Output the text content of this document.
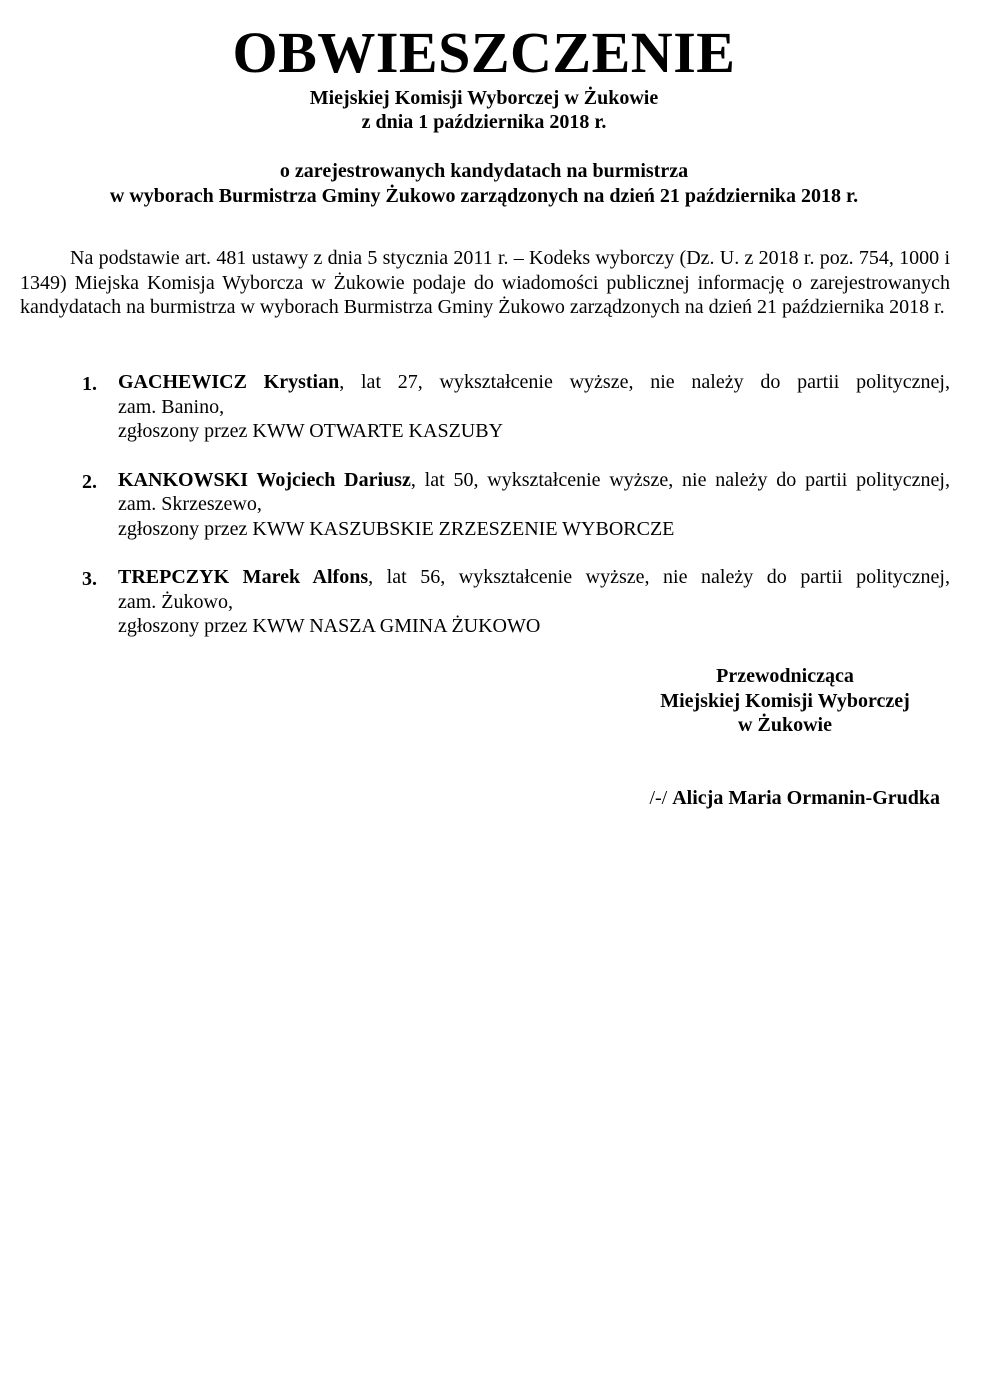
OBWIESZCZENIE
Miejskiej Komisji Wyborczej w Żukowie
z dnia 1 października 2018 r.
o zarejestrowanych kandydatach na burmistrza
w wyborach Burmistrza Gminy Żukowo zarządzonych na dzień 21 października 2018 r.

Na podstawie art. 481 ustawy z dnia 5 stycznia 2011 r. – Kodeks wyborczy (Dz. U. z 2018 r. poz. 754, 1000 i 1349) Miejska Komisja Wyborcza w Żukowie podaje do wiadomości publicznej informację o zarejestrowanych kandydatach na burmistrza w wyborach Burmistrza Gminy Żukowo zarządzonych na dzień 21 października 2018 r.

1. GACHEWICZ Krystian, lat 27, wykształcenie wyższe, nie należy do partii politycznej,
zam. Banino,
zgłoszony przez KWW OTWARTE KASZUBY
2. KANKOWSKI Wojciech Dariusz, lat 50, wykształcenie wyższe, nie należy do partii politycznej,
zam. Skrzeszewo,
zgłoszony przez KWW KASZUBSKIE ZRZESZENIE WYBORCZE
3. TREPCZYK Marek Alfons, lat 56, wykształcenie wyższe, nie należy do partii politycznej,
zam. Żukowo,
zgłoszony przez KWW NASZA GMINA ŻUKOWO
Przewodnicząca
Miejskiej Komisji Wyborczej
w Żukowie
/-/ Alicja Maria Ormanin-Grudka
